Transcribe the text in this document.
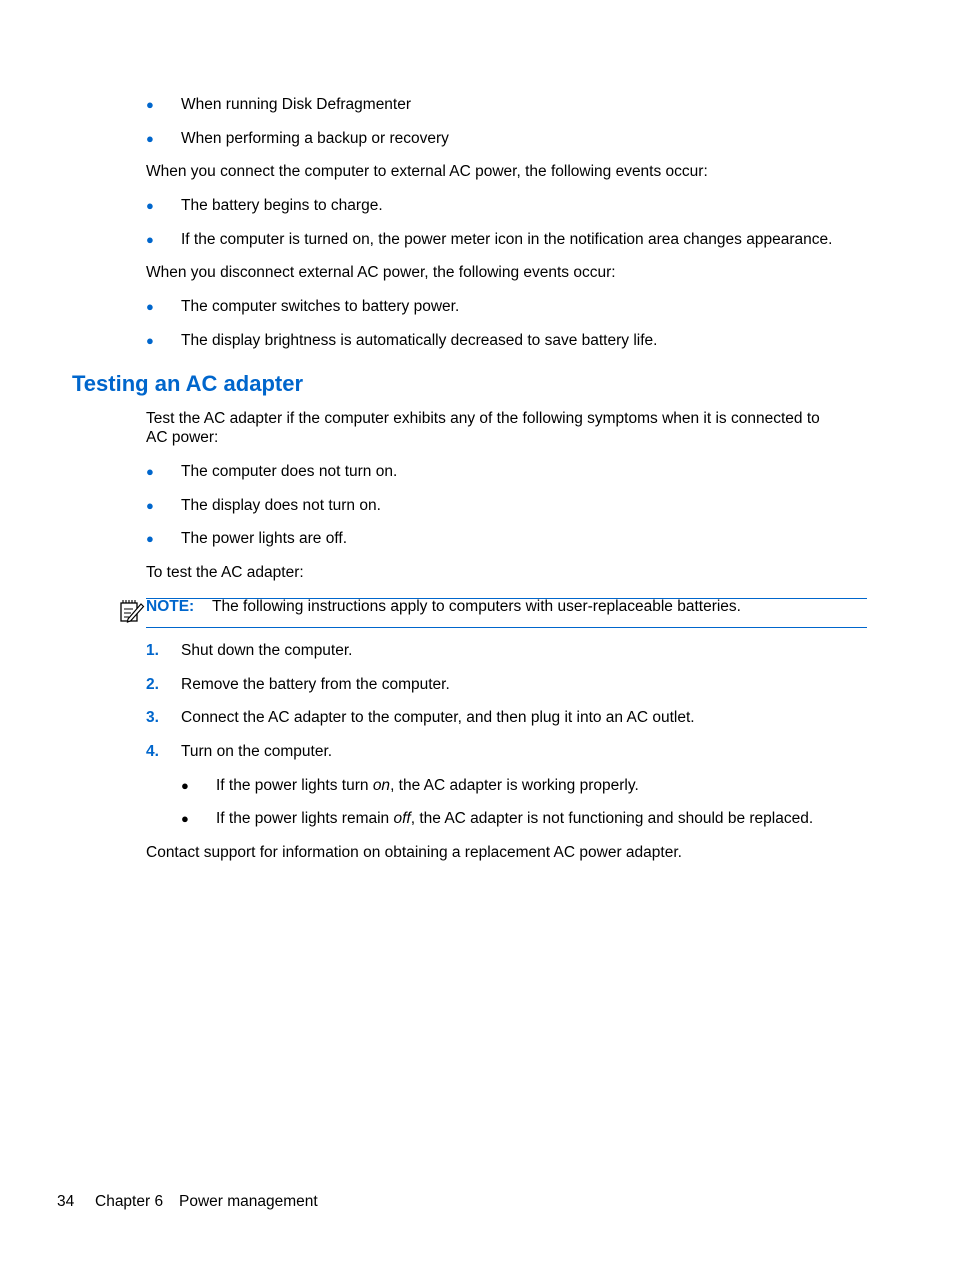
● When running Disk Defragmenter
● When performing a backup or recovery
When you connect the computer to external AC power, the following events occur:
● The battery begins to charge.
● If the computer is turned on, the power meter icon in the notification area changes appearance.
When you disconnect external AC power, the following events occur:
● The computer switches to battery power.
● The display brightness is automatically decreased to save battery life.
Testing an AC adapter
Test the AC adapter if the computer exhibits any of the following symptoms when it is connected to
AC power:
● The computer does not turn on.
● The display does not turn on.
● The power lights are off.
To test the AC adapter:
NOTE: The following instructions apply to computers with user-replaceable batteries.
1. Shut down the computer.
2. Remove the battery from the computer.
3. Connect the AC adapter to the computer, and then plug it into an AC outlet.
4. Turn on the computer.
● If the power lights turn on, the AC adapter is working properly.
● If the power lights remain off, the AC adapter is not functioning and should be replaced.
Contact support for information on obtaining a replacement AC power adapter.
34 Chapter 6 Power management
